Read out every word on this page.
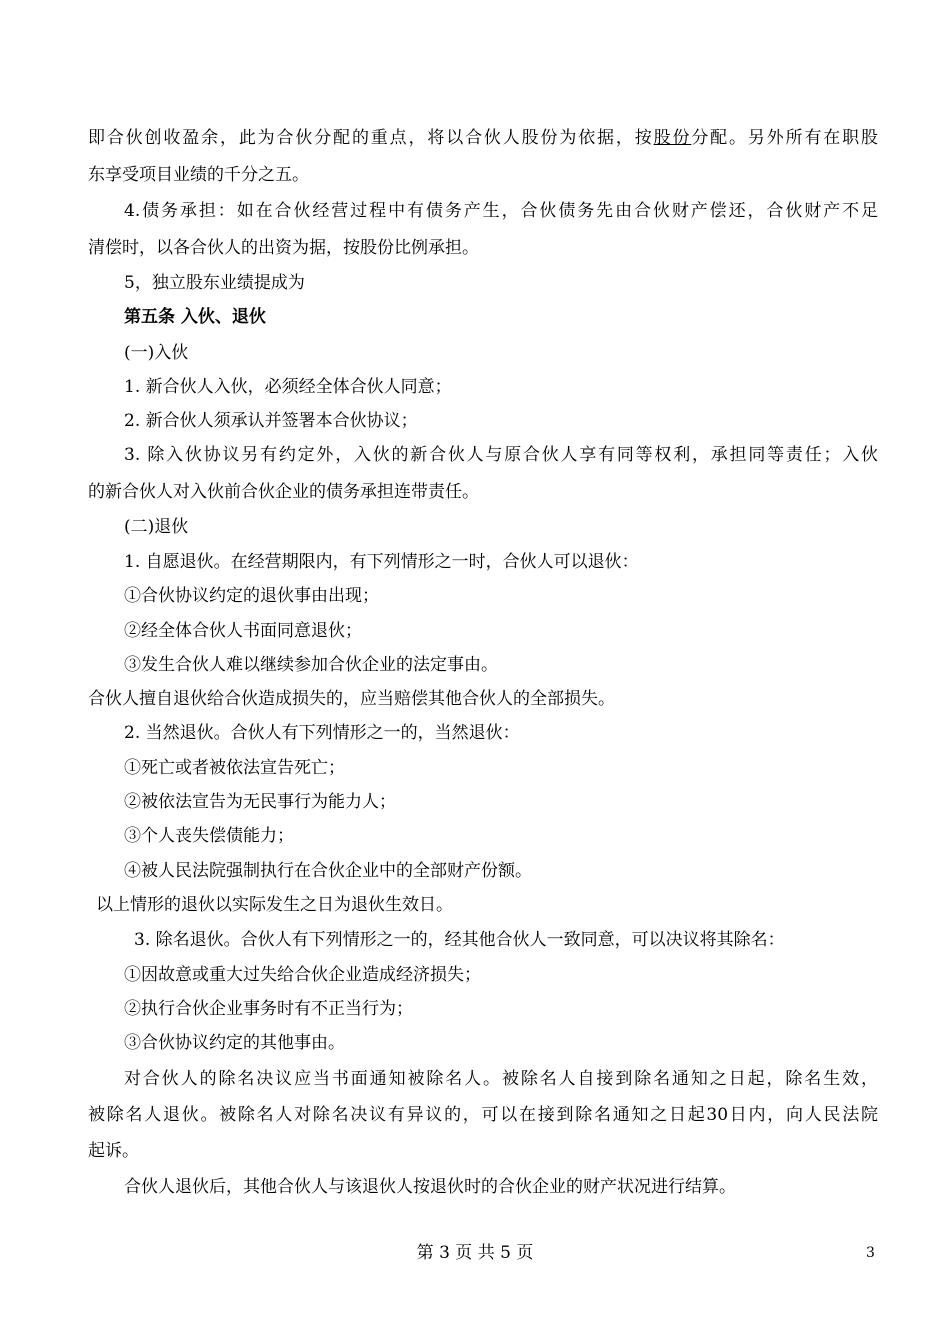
即合伙创收盈余，此为合伙分配的重点，将以合伙人股份为依据，按股份分配。另外所有在职股
东享受项目业绩的千分之五。
4.债务承担：如在合伙经营过程中有债务产生，合伙债务先由合伙财产偿还，合伙财产不足
清偿时，以各合伙人的出资为据，按股份比例承担。
5，独立股东业绩提成为
第五条 入伙、退伙
(一)入伙
1. 新合伙人入伙，必须经全体合伙人同意；
2. 新合伙人须承认并签署本合伙协议；
3. 除入伙协议另有约定外，入伙的新合伙人与原合伙人享有同等权利，承担同等责任；入伙
的新合伙人对入伙前合伙企业的债务承担连带责任。
(二)退伙
1. 自愿退伙。在经营期限内，有下列情形之一时，合伙人可以退伙：
①合伙协议约定的退伙事由出现；
②经全体合伙人书面同意退伙；
③发生合伙人难以继续参加合伙企业的法定事由。
合伙人擅自退伙给合伙造成损失的，应当赔偿其他合伙人的全部损失。
2. 当然退伙。合伙人有下列情形之一的，当然退伙：
①死亡或者被依法宣告死亡；
②被依法宣告为无民事行为能力人；
③个人丧失偿债能力；
④被人民法院强制执行在合伙企业中的全部财产份额。
以上情形的退伙以实际发生之日为退伙生效日。
3. 除名退伙。合伙人有下列情形之一的，经其他合伙人一致同意，可以决议将其除名：
①因故意或重大过失给合伙企业造成经济损失；
②执行合伙企业事务时有不正当行为；
③合伙协议约定的其他事由。
对合伙人的除名决议应当书面通知被除名人。被除名人自接到除名通知之日起，除名生效，
被除名人退伙。被除名人对除名决议有异议的，可以在接到除名通知之日起30日内，向人民法院
起诉。
合伙人退伙后，其他合伙人与该退伙人按退伙时的合伙企业的财产状况进行结算。
第 3 页 共 5 页	3
